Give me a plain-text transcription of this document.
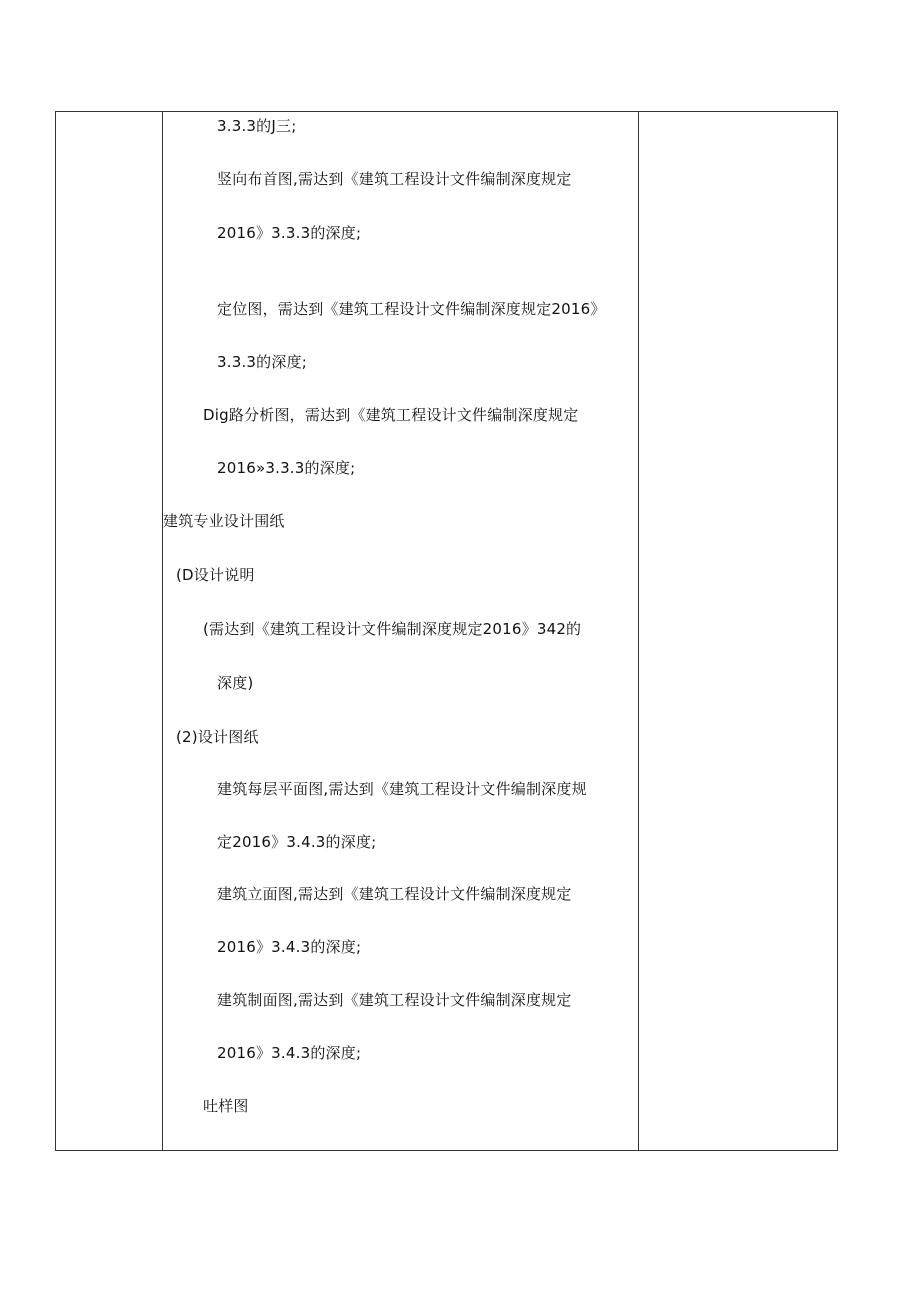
3.3.3的J三;
竖向布首图,需达到《建筑工程设计文件编制深度规定
2016》3.3.3的深度;
定位图，需达到《建筑工程设计文件编制深度规定2016》
3.3.3的深度;
Dig路分析图，需达到《建筑工程设计文件编制深度规定
2016»3.3.3的深度;
建筑专业设计围纸
(D设计说明
(需达到《建筑工程设计文件编制深度规定2016》342的
深度)
(2)设计图纸
建筑每层平面图,需达到《建筑工程设计文件编制深度规
定2016》3.4.3的深度;
建筑立面图,需达到《建筑工程设计文件编制深度规定
2016》3.4.3的深度;
建筑制面图,需达到《建筑工程设计文件编制深度规定
2016》3.4.3的深度;
吐样图
